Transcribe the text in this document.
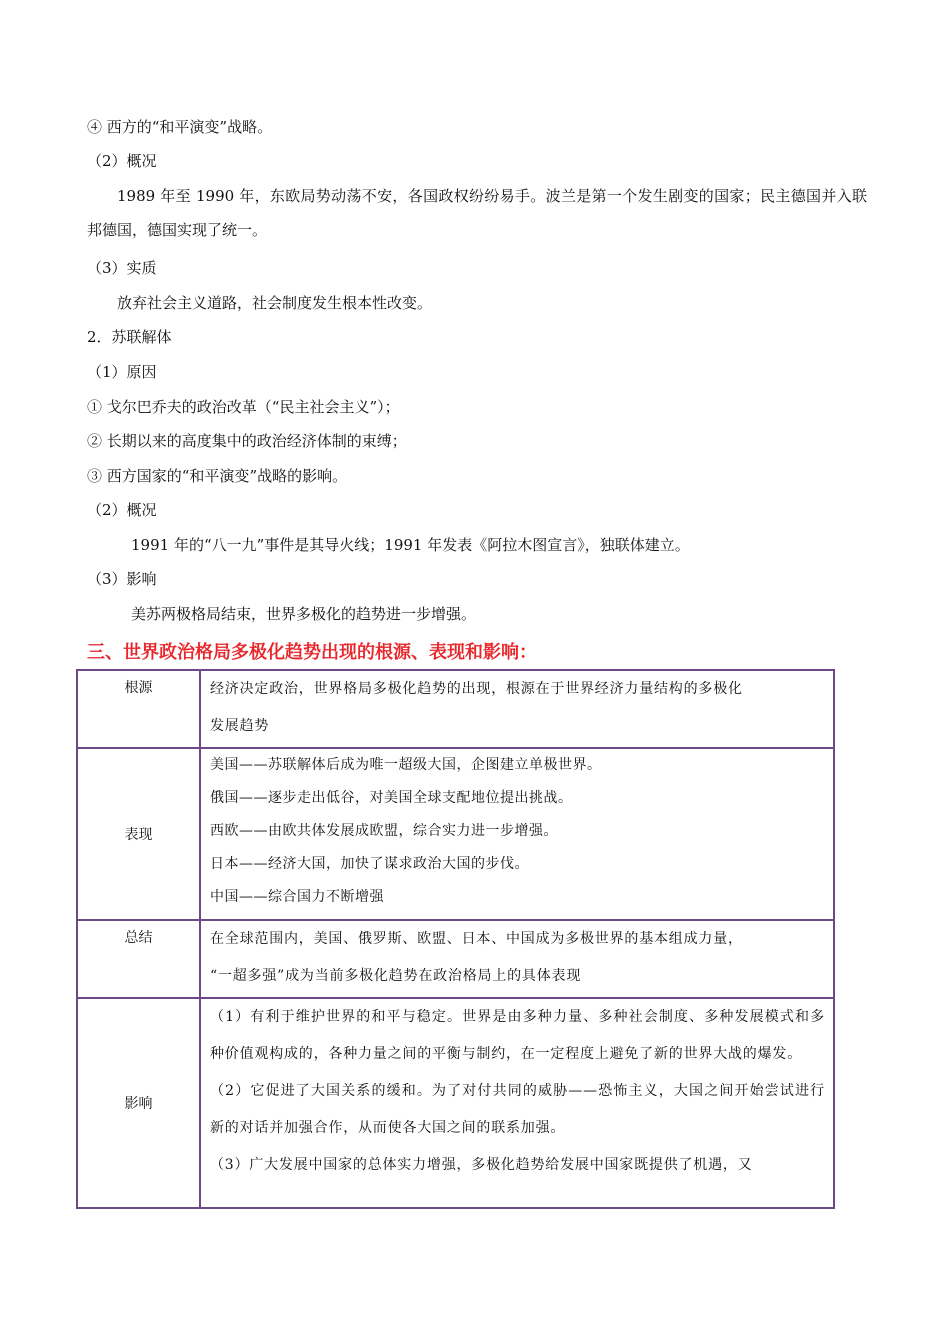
④ 西方的“和平演变”战略。
（2）概况
1989 年至 1990 年，东欧局势动荡不安，各国政权纷纷易手。波兰是第一个发生剧变的国家；民主德国并入联邦德国，德国实现了统一。
（3）实质
放弃社会主义道路，社会制度发生根本性改变。
2．苏联解体
（1）原因
① 戈尔巴乔夫的政治改革（“民主社会主义”）；
② 长期以来的高度集中的政治经济体制的束缚；
③ 西方国家的“和平演变”战略的影响。
（2）概况
1991 年的“八一九”事件是其导火线；1991 年发表《阿拉木图宣言》，独联体建立。
（3）影响
美苏两极格局结束，世界多极化的趋势进一步增强。
三、世界政治格局多极化趋势出现的根源、表现和影响：
根源	经济决定政治，世界格局多极化趋势的出现，根源在于世界经济力量结构的多极化
发展趋势

表现	美国——苏联解体后成为唯一超级大国，企图建立单极世界。
俄国——逐步走出低谷，对美国全球支配地位提出挑战。
西欧——由欧共体发展成欧盟，综合实力进一步增强。
日本——经济大国，加快了谋求政治大国的步伐。
中国——综合国力不断增强

总结	在全球范围内，美国、俄罗斯、欧盟、日本、中国成为多极世界的基本组成力量，
“一超多强”成为当前多极化趋势在政治格局上的具体表现

影响	（1）有利于维护世界的和平与稳定。世界是由多种力量、多种社会制度、多种发展模式和多种价值观构成的，各种力量之间的平衡与制约，在一定程度上避免了新的世界大战的爆发。
（2）它促进了大国关系的缓和。为了对付共同的威胁——恐怖主义，大国之间开始尝试进行新的对话并加强合作，从而使各大国之间的联系加强。
（3）广大发展中国家的总体实力增强，多极化趋势给发展中国家既提供了机遇，又
